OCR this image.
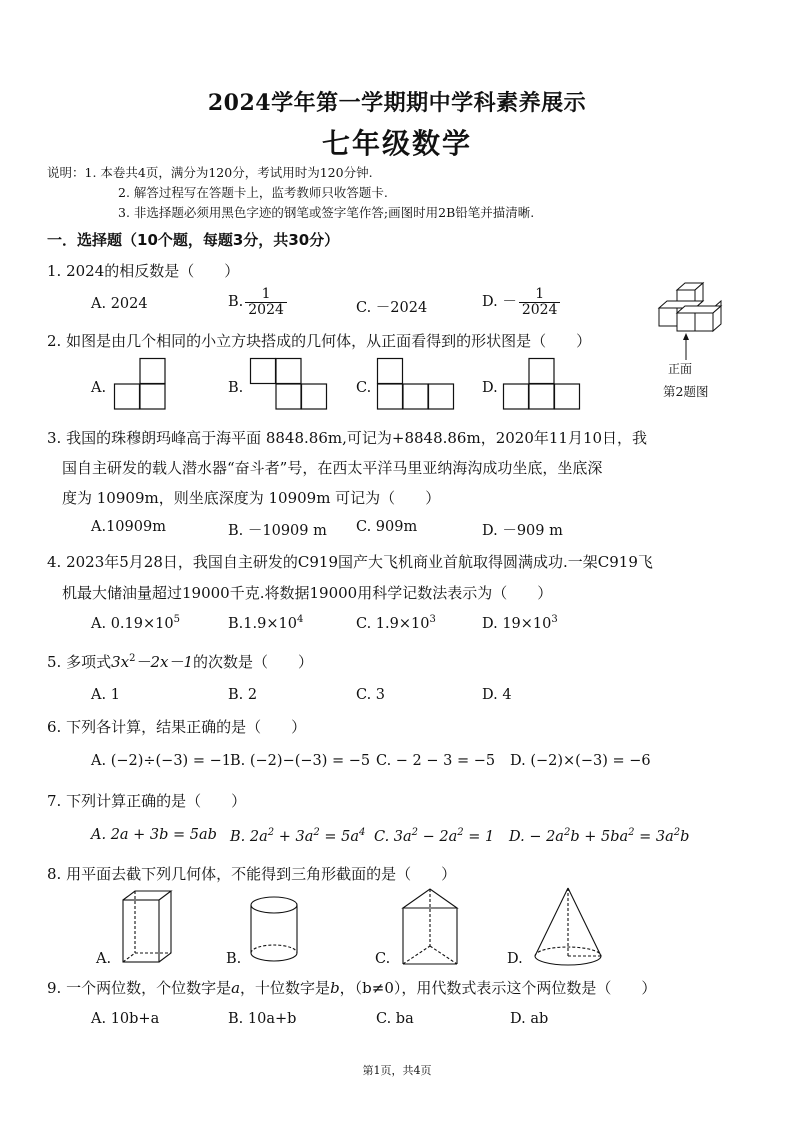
2024学年第一学期期中学科素养展示
七年级数学
说明：1. 本卷共4页，满分为120分，考试用时为120分钟.
2. 解答过程写在答题卡上，监考教师只收答题卡.
3. 非选择题必须用黑色字迹的钢笔或签字笔作答;画图时用2B铅笔并描清晰.
一．选择题（10个题，每题3分，共30分）
1. 2024的相反数是（　　）
A. 2024	B. $\frac{1}{2024}$	C. －2024	D. － $\frac{1}{2024}$
正面
第2题图
2. 如图是由几个相同的小立方块搭成的几何体，从正面看得到的形状图是（　　）
A.	B.	C.	D.
3. 我国的珠穆朗玛峰高于海平面 8848.86m,可记为+8848.86m，2020年11月10日，我
国自主研发的载人潜水器“奋斗者”号，在西太平洋马里亚纳海沟成功坐底，坐底深
度为 10909m，则坐底深度为 10909m 可记为（　　）
A.10909m	B. －10909 m C. 909m	D. －909 m
4. 2023年5月28日，我国自主研发的C919国产大飞机商业首航取得圆满成功.一架C919飞
机最大储油量超过19000千克.将数据19000用科学记数法表示为（　　）
A. $0.19\times 10^5$	$B.1.9\times 10^4$	C. $1.9\times 10^3$	D. $19\times 10^3$
5. 多项式$3x^2-2x-1$的次数是（　　）
A. 1	B. 2	C. 3	D. 4
6. 下列各计算，结果正确的是（　　）
A. (−2)÷(−3) = −1 B. (−2)−(−3) = −5 C. − 2 − 3 = −5 D. (−2)×(−3) = −6
7. 下列计算正确的是（　　）
A. 2a + 3b = 5ab B. $2a^2 + 3a^2 = 5a^4$ C. $3a^2 - 2a^2 = 1$ D. − $2a^2b + 5ba^2 = 3a^2b$
8. 用平面去截下列几何体，不能得到三角形截面的是（　　）
A.	B.	C.	D.
9. 一个两位数，个位数字是a，十位数字是b，（b≠0），用代数式表示这个两位数是（　　）
A. 10b+a	B. 10a+b	C. ba	D. ab
第1页，共4页
